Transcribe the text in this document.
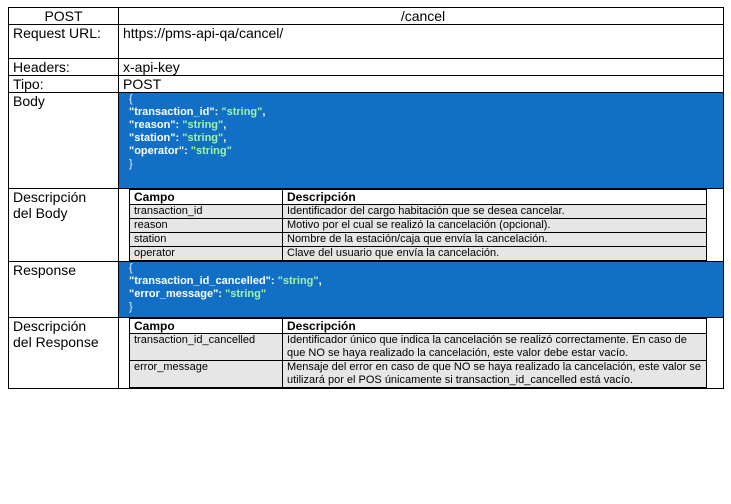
POST	/cancel
Request URL:	https://pms-api-qa/cancel/
Headers:	x-api-key
Tipo:	POST
Body	{
"transaction_id": "string",
"reason": "string",
"station": "string",
"operator": "string"
}

Descripción
del Body

Campo	Descripción
transaction_id	Identificador del cargo habitación que se desea cancelar.
reason	Motivo por el cual se realizó la cancelación (opcional).
station	Nombre de la estación/caja que envía la cancelación.
operator	Clave del usuario que envía la cancelación.

Response	{
"transaction_id_cancelled": "string",
"error_message": "string"
}

Descripción
del Response

Campo	Descripción
transaction_id_cancelled	Identificador único que indica la cancelación se realizó correctamente. En caso de que NO se haya realizado la cancelación, este valor debe estar vacío.
error_message	Mensaje del error en caso de que NO se haya realizado la cancelación, este valor se utilizará por el POS únicamente si transaction_id_cancelled está vacío.
